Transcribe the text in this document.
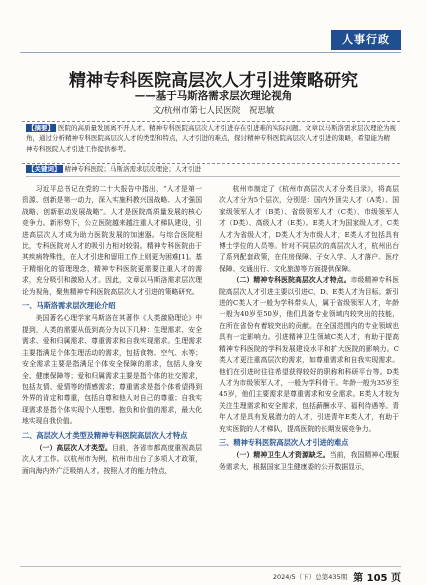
人事行政
精神专科医院高层次人才引进策略研究
——基于马斯洛需求层次理论视角
文/杭州市第七人民医院　祝思敏
【摘要】 医院的高质量发展离不开人才。精神专科医院高层次人才引进存在引进难的实际问题。文章以马斯洛需求层次理论为视角，通过分析精神专科医院高层次人才的类型和特点，人才引进的难点，探讨精神专科医院高层次人才引进的策略，希望能为精神专科医院人才引进工作提供参考。
【关键词】 精神专科医院；马斯洛需求层次理论；人才引进

习近平总书记在党的二十大报告中指出，“人才是第一资源、创新是第一动力，深入实施科教兴国战略、人才强国战略、创新驱动发展战略”。人才是医院高质量发展的核心竞争力。新形势下，公立医院越来越注重人才梯队建设，引进高层次人才成为助力医院发展的加速器。与综合医院相比，专科医院对人才的吸引力相对较弱。精神专科医院由于其疾病特殊性，在人才引进和留用工作上则更为困难[1]。基于精细化的管理理念，精神专科医院更需要注重人才的需求，充分吸引和激励人才。因此，文章以马斯洛需求层次理论为视角，聚焦精神专科医院高层次人才引进的策略研究。

一、马斯洛需求层次理论介绍

美国著名心理学家马斯洛在其著作《人类激励理论》中提到，人类的需要从低到高分为以下几种：生理需求、安全需求、爱和归属需求、尊重需求和自我实现需求。生理需求主要指满足个体生理活动的需求，包括食物、空气、水等；安全需求主要是指满足个体安全保障的需求，包括人身安全、健康保障等；爱和归属需求主要是指个体的社交需求，包括友情、爱情等的情感需求；尊重需求是指个体希望得到外界的肯定和尊重，包括自尊和他人对自己的尊重；自我实现需求是指个体实现个人理想、抱负和价值的需求，最大化地实现自我价值。

二、高层次人才类型及精神专科医院高层次人才特点

（一）高层次人才类型。目前，各省市都高度重视高层次人才工作。以杭州市为例，杭州市出台了多项人才政策，面向海内外广泛吸纳人才。按照人才的能力特点，

杭州市制定了《杭州市高层次人才分类目录》，将高层次人才分为5个层次，分别是：国内外顶尖人才（A类）、国家级领军人才（B类）、省级领军人才（C类）、市级领军人才（D类）、高级人才（E类）。E类人才为国家级人才，C类人才为省级人才，D类人才为市级人才，E类人才包括具有博士学位的人员等。针对不同层次的高层次人才，杭州出台了系列配套政策，在住房保障、子女入学、人才落户、医疗保障、交通出行、文化旅游等方面提供保障。

（二）精神专科医院高层次人才特点。市级精神专科医院高层次人才引进主要以引进C、D、E类人才为目标。新引进的C类人才一般为学科带头人，属于省级领军人才，年龄一般为40岁至50岁，他们具备专业领域内较突出的技能，在所在省份有着较突出的贡献。在全国范围内的专业领域也具有一定影响力。引进精神卫生领域C类人才，有助于提高精神专科医院的学科发展建设水平和扩大医院的影响力。C类人才更注重高层次的需求，如尊重需求和自我实现需求。他们在引进时往往希望获得较好的职称和科研平台等。D类人才为市级领军人才，一般为学科骨干。年龄一般为35岁至45岁，他们主要需求是尊重需求和安全需求。E类人才较为关注生理需求和安全需求，包括薪酬水平、福利待遇等。青年人才是具有发展潜力的人才，引进青年E类人才，有助于充实医院的人才梯队，提高医院的长期发展竞争力。

三、精神专科医院高层次人才引进的难点

（一）精神卫生人才资源缺乏。当前，我国精神心理服务需求大，根据国家卫生健康委的公开数据显示，

2024/5（下）总第435期 第 105 页
